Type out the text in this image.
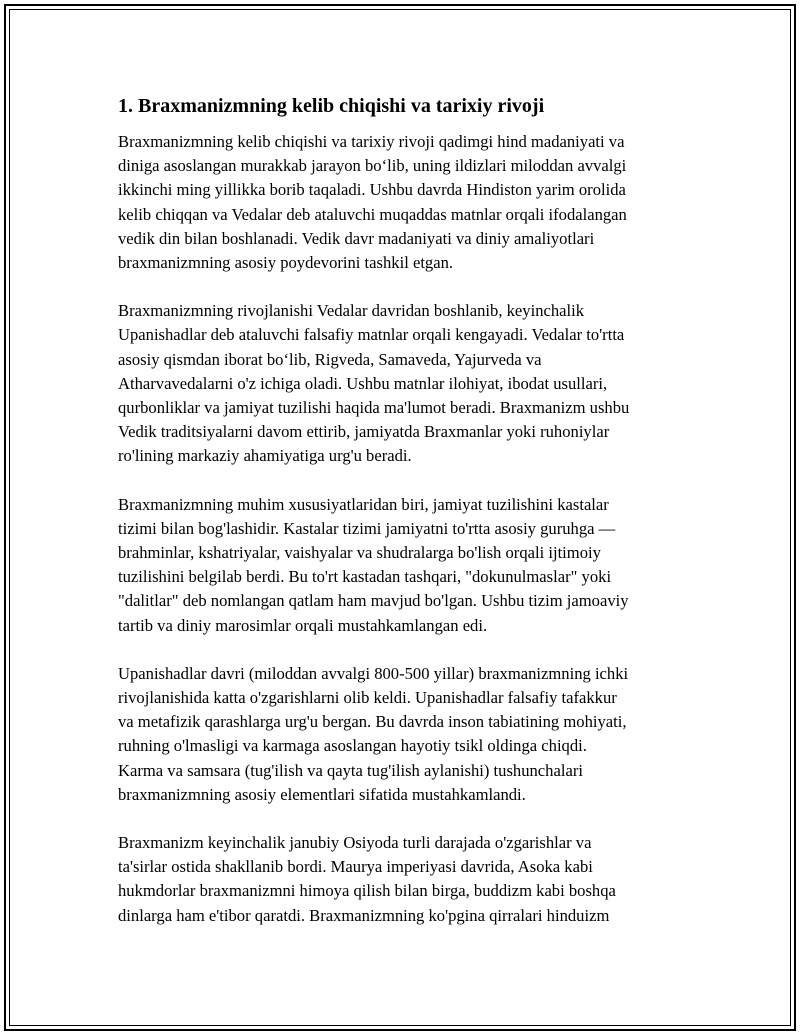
1. Braxmanizmning kelib chiqishi va tarixiy rivoji

Braxmanizmning kelib chiqishi va tarixiy rivoji qadimgi hind madaniyati va
diniga asoslangan murakkab jarayon bo‘lib, uning ildizlari miloddan avvalgi
ikkinchi ming yillikka borib taqaladi. Ushbu davrda Hindiston yarim orolida
kelib chiqqan va Vedalar deb ataluvchi muqaddas matnlar orqali ifodalangan
vedik din bilan boshlanadi. Vedik davr madaniyati va diniy amaliyotlari
braxmanizmning asosiy poydevorini tashkil etgan.

Braxmanizmning rivojlanishi Vedalar davridan boshlanib, keyinchalik
Upanishadlar deb ataluvchi falsafiy matnlar orqali kengayadi. Vedalar to'rtta
asosiy qismdan iborat bo‘lib, Rigveda, Samaveda, Yajurveda va
Atharvavedalarni o'z ichiga oladi. Ushbu matnlar ilohiyat, ibodat usullari,
qurbonliklar va jamiyat tuzilishi haqida ma'lumot beradi. Braxmanizm ushbu
Vedik traditsiyalarni davom ettirib, jamiyatda Braxmanlar yoki ruhoniylar
ro'lining markaziy ahamiyatiga urg'u beradi.

Braxmanizmning muhim xususiyatlaridan biri, jamiyat tuzilishini kastalar
tizimi bilan bog'lashidir. Kastalar tizimi jamiyatni to'rtta asosiy guruhga —
brahminlar, kshatriyalar, vaishyalar va shudralarga bo'lish orqali ijtimoiy
tuzilishini belgilab berdi. Bu to'rt kastadan tashqari, "dokunulmaslar" yoki
"dalitlar" deb nomlangan qatlam ham mavjud bo'lgan. Ushbu tizim jamoaviy
tartib va diniy marosimlar orqali mustahkamlangan edi.

Upanishadlar davri (miloddan avvalgi 800-500 yillar) braxmanizmning ichki
rivojlanishida katta o'zgarishlarni olib keldi. Upanishadlar falsafiy tafakkur
va metafizik qarashlarga urg'u bergan. Bu davrda inson tabiatining mohiyati,
ruhning o'lmasligi va karmaga asoslangan hayotiy tsikl oldinga chiqdi.
Karma va samsara (tug'ilish va qayta tug'ilish aylanishi) tushunchalari
braxmanizmning asosiy elementlari sifatida mustahkamlandi.

Braxmanizm keyinchalik janubiy Osiyoda turli darajada o'zgarishlar va
ta'sirlar ostida shakllanib bordi. Maurya imperiyasi davrida, Asoka kabi
hukmdorlar braxmanizmni himoya qilish bilan birga, buddizm kabi boshqa
dinlarga ham e'tibor qaratdi. Braxmanizmning ko'pgina qirralari hinduizm
